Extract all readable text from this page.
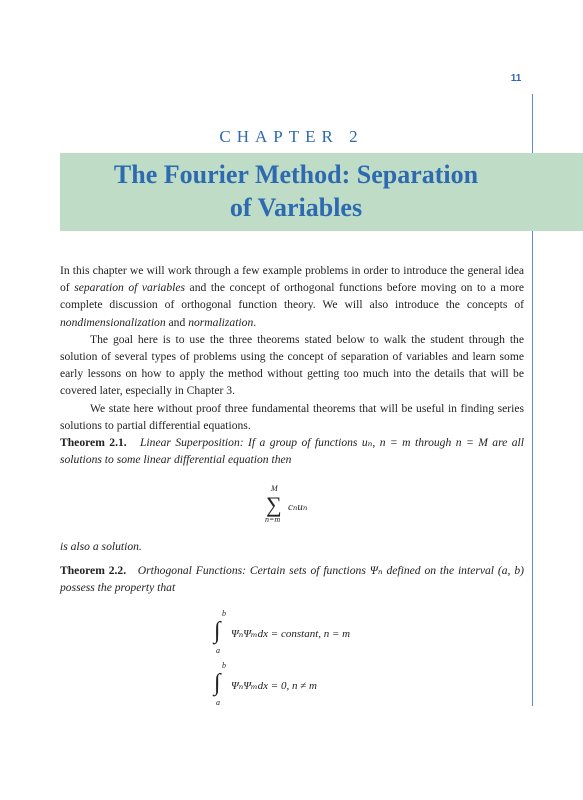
11
CHAPTER 2
The Fourier Method: Separation
of Variables

In this chapter we will work through a few example problems in order to introduce the general idea of separation of variables and the concept of orthogonal functions before moving on to a more complete discussion of orthogonal function theory. We will also introduce the concepts of nondimensionalization and normalization.

The goal here is to use the three theorems stated below to walk the student through the solution of several types of problems using the concept of separation of variables and learn some early lessons on how to apply the method without getting too much into the details that will be covered later, especially in Chapter 3.

We state here without proof three fundamental theorems that will be useful in finding series solutions to partial differential equations.

Theorem 2.1. Linear Superposition: If a group of functions uₙ, n = m through n = M are all solutions to some linear differential equation then

M
∑
n=m
cₙuₙ

is also a solution.

Theorem 2.2. Orthogonal Functions: Certain sets of functions Ψₙ defined on the interval (a, b) possess the property that

b
∫
a
ΨₙΨₘdx = constant, n = m
b
∫
a
ΨₙΨₘdx = 0, n ≠ m
